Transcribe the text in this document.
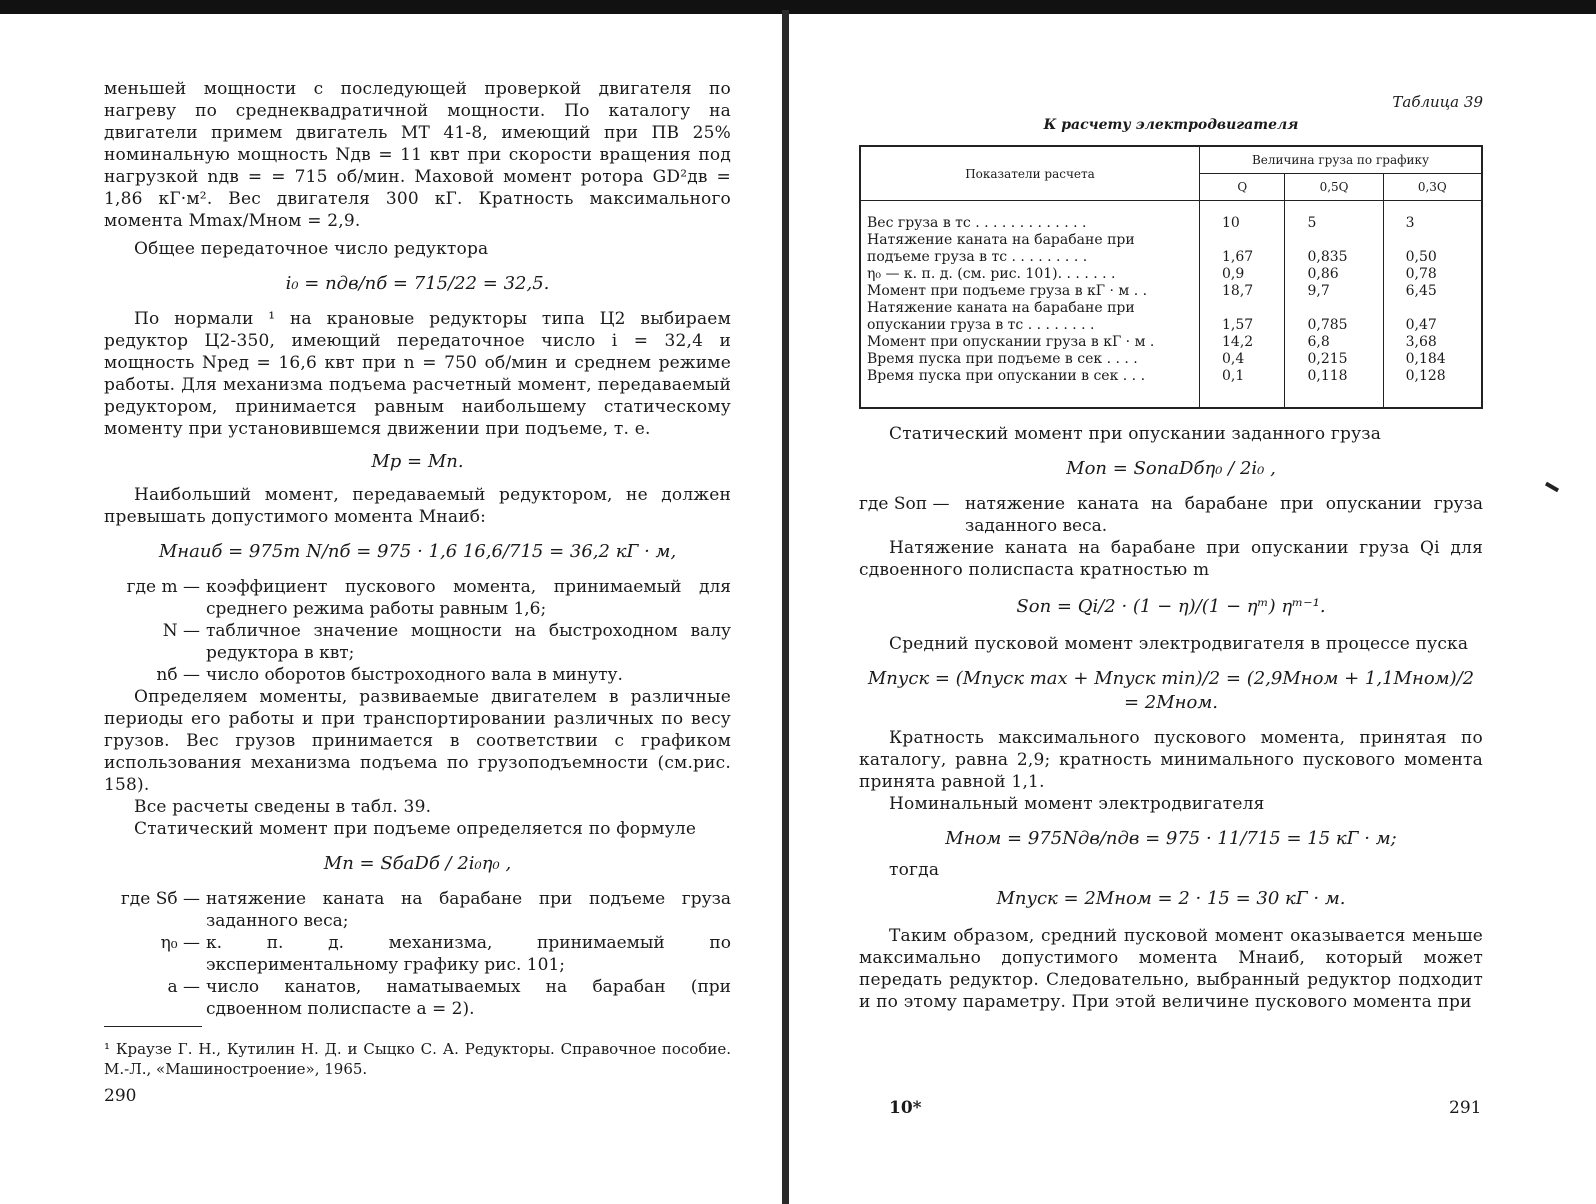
меньшей мощности с последующей проверкой двигателя по нагреву по среднеквадратичной мощности. По каталогу на двигатели примем двигатель МТ 41-8, имеющий при ПВ 25% номинальную мощность Nдв = 11 квт при скорости вращения под нагрузкой nдв = = 715 об/мин. Маховой момент ротора GD²дв = 1,86 кГ·м². Вес двигателя 300 кГ. Кратность максимального момента Mmax/Mном = 2,9.

Общее передаточное число редуктора

i₀ = nдв/nб = 715/22 = 32,5.

По нормали ¹ на крановые редукторы типа Ц2 выбираем редуктор Ц2-350, имеющий передаточное число i = 32,4 и мощность Nред = 16,6 квт при n = 750 об/мин и среднем режиме работы. Для механизма подъема расчетный момент, передаваемый редуктором, принимается равным наибольшему статическому моменту при установившемся движении при подъеме, т. е.

Mp = Mn.

Наибольший момент, передаваемый редуктором, не должен превышать допустимого момента Mнаиб:

Mнаиб = 975m N/nб = 975 · 1,6 16,6/715 = 36,2 кГ · м,

где m — коэффициент пускового момента, принимаемый для среднего режима работы равным 1,6;
N — табличное значение мощности на быстроходном валу редуктора в квт;
nб — число оборотов быстроходного вала в минуту.

Определяем моменты, развиваемые двигателем в различные периоды его работы и при транспортировании различных по весу грузов. Вес грузов принимается в соответствии с графиком использования механизма подъема по грузоподъемности (см.рис. 158).

Все расчеты сведены в табл. 39.

Статический момент при подъеме определяется по формуле

Mn = SбaDб / 2i₀η₀ ,

где Sб — натяжение каната на барабане при подъеме груза заданного веса;
η₀ — к. п. д. механизма, принимаемый по экспериментальному графику рис. 101;
a — число канатов, наматываемых на барабан (при сдвоенном полиспасте a = 2).

¹ Краузе Г. Н., Кутилин Н. Д. и Сыцко С. А. Редукторы. Справочное пособие. М.-Л., «Машиностроение», 1965.

290
Таблица 39
К расчету электродвигателя
Показатели расчета	Величина груза по графику		
	Q	0,5Q	0,3Q
Вес груза в тс . . . . . . . . . . . . .	10	5	3
Натяжение каната на барабане при			
подъеме груза в тс . . . . . . . . .	1,67	0,835	0,50
η₀ — к. п. д. (см. рис. 101). . . . . . .	0,9	0,86	0,78
Момент при подъеме груза в кГ · м . .	18,7	9,7	6,45
Натяжение каната на барабане при			
опускании груза в тс . . . . . . . .	1,57	0,785	0,47
Момент при опускании груза в кГ · м .	14,2	6,8	3,68
Время пуска при подъеме в сек . . . .	0,4	0,215	0,184
Время пуска при опускании в сек . . .	0,1	0,118	0,128

Статический момент при опускании заданного груза

Mоп = SопaDбη₀ / 2i₀ ,

где Sоп — натяжение каната на барабане при опускании груза заданного веса.

Натяжение каната на барабане при опускании груза Qi для сдвоенного полиспаста кратностью m

Sоп = Qi/2 · (1 − η)/(1 − ηᵐ) ηᵐ⁻¹.

Средний пусковой момент электродвигателя в процессе пуска

Mпуск = (Mпуск max + Mпуск min)/2 = (2,9Mном + 1,1Mном)/2 = 2Mном.

Кратность максимального пускового момента, принятая по каталогу, равна 2,9; кратность минимального пускового момента принята равной 1,1.

Номинальный момент электродвигателя

Mном = 975Nдв/nдв = 975 · 11/715 = 15 кГ · м;

тогда

Mпуск = 2Mном = 2 · 15 = 30 кГ · м.

Таким образом, средний пусковой момент оказывается меньше максимально допустимого момента Mнаиб, который может передать редуктор. Следовательно, выбранный редуктор подходит и по этому параметру. При этой величине пускового момента при

10*	291
